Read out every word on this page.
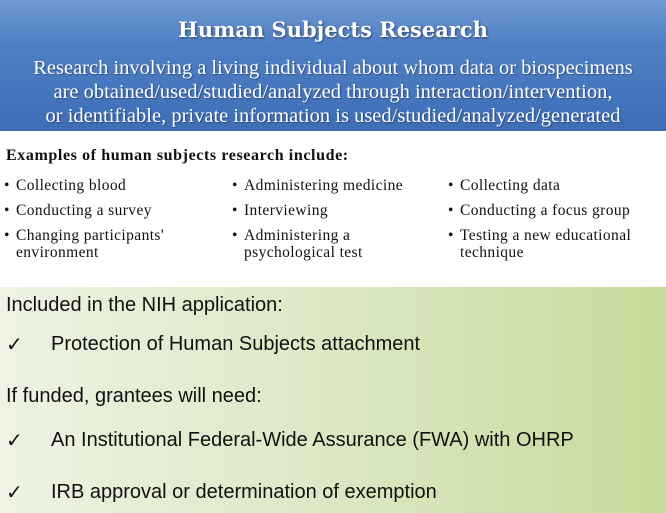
Human Subjects Research
Research involving a living individual about whom data or biospecimens
are obtained/used/studied/analyzed through interaction/intervention,
or identifiable, private information is used/studied/analyzed/generated
Examples of human subjects research include:
• Collecting blood
• Conducting a survey
• Changing participants' environment
• Administering medicine
• Interviewing
• Administering a psychological test
• Collecting data
• Conducting a focus group
• Testing a new educational technique
Included in the NIH application:
✓ Protection of Human Subjects attachment
If funded, grantees will need:
✓ An Institutional Federal-Wide Assurance (FWA) with OHRP
✓ IRB approval or determination of exemption
